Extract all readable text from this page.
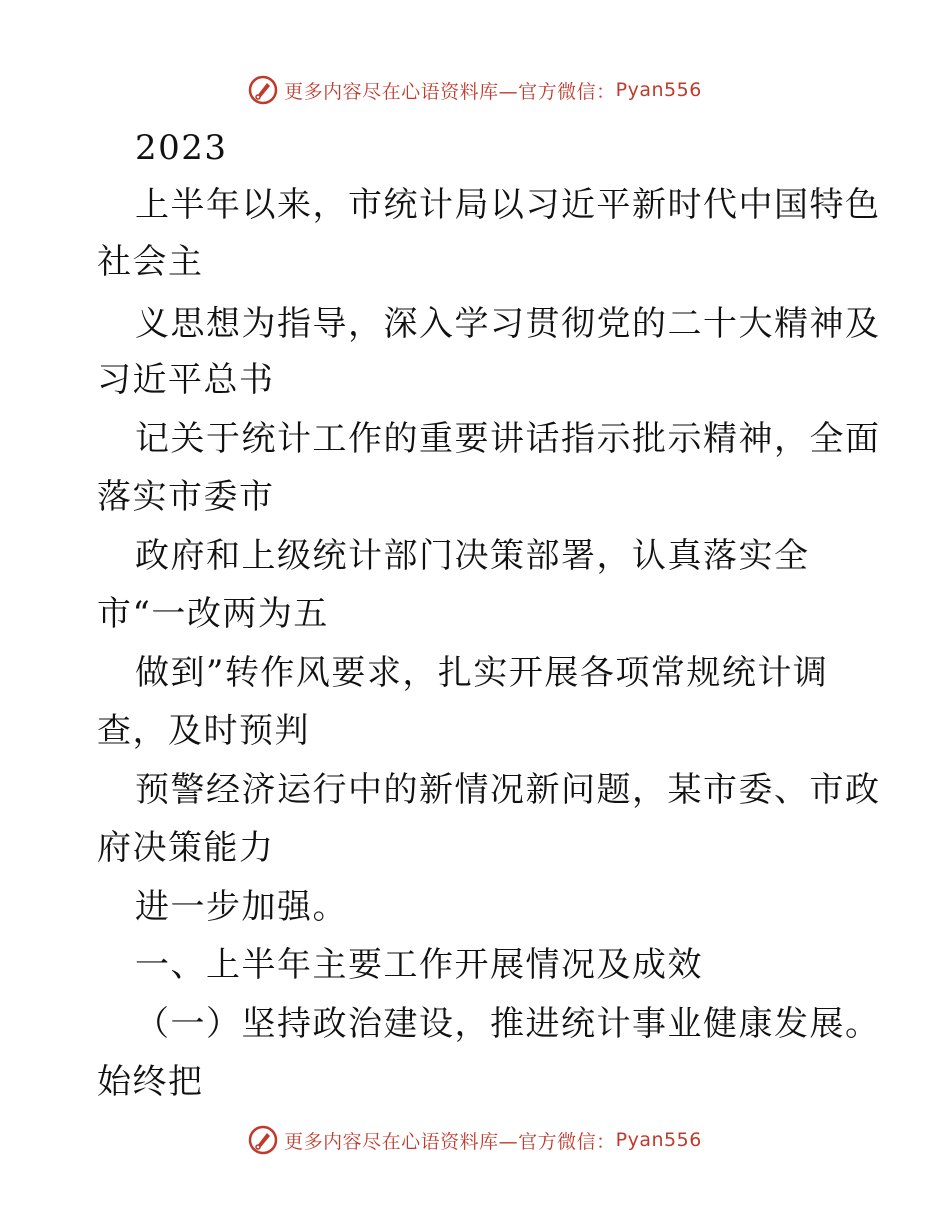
更多内容尽在心语资料库—官方微信： Pyan556
2023
上半年以来，市统计局以习近平新时代中国特色
社会主
义思想为指导，深入学习贯彻党的二十大精神及
习近平总书
记关于统计工作的重要讲话指示批示精神，全面
落实市委市
政府和上级统计部门决策部署，认真落实全
市“一改两为五
做到”转作风要求，扎实开展各项常规统计调
查，及时预判
预警经济运行中的新情况新问题，某市委、市政
府决策能力
进一步加强。
一、上半年主要工作开展情况及成效
（一）坚持政治建设，推进统计事业健康发展。
始终把
更多内容尽在心语资料库—官方微信： Pyan556
